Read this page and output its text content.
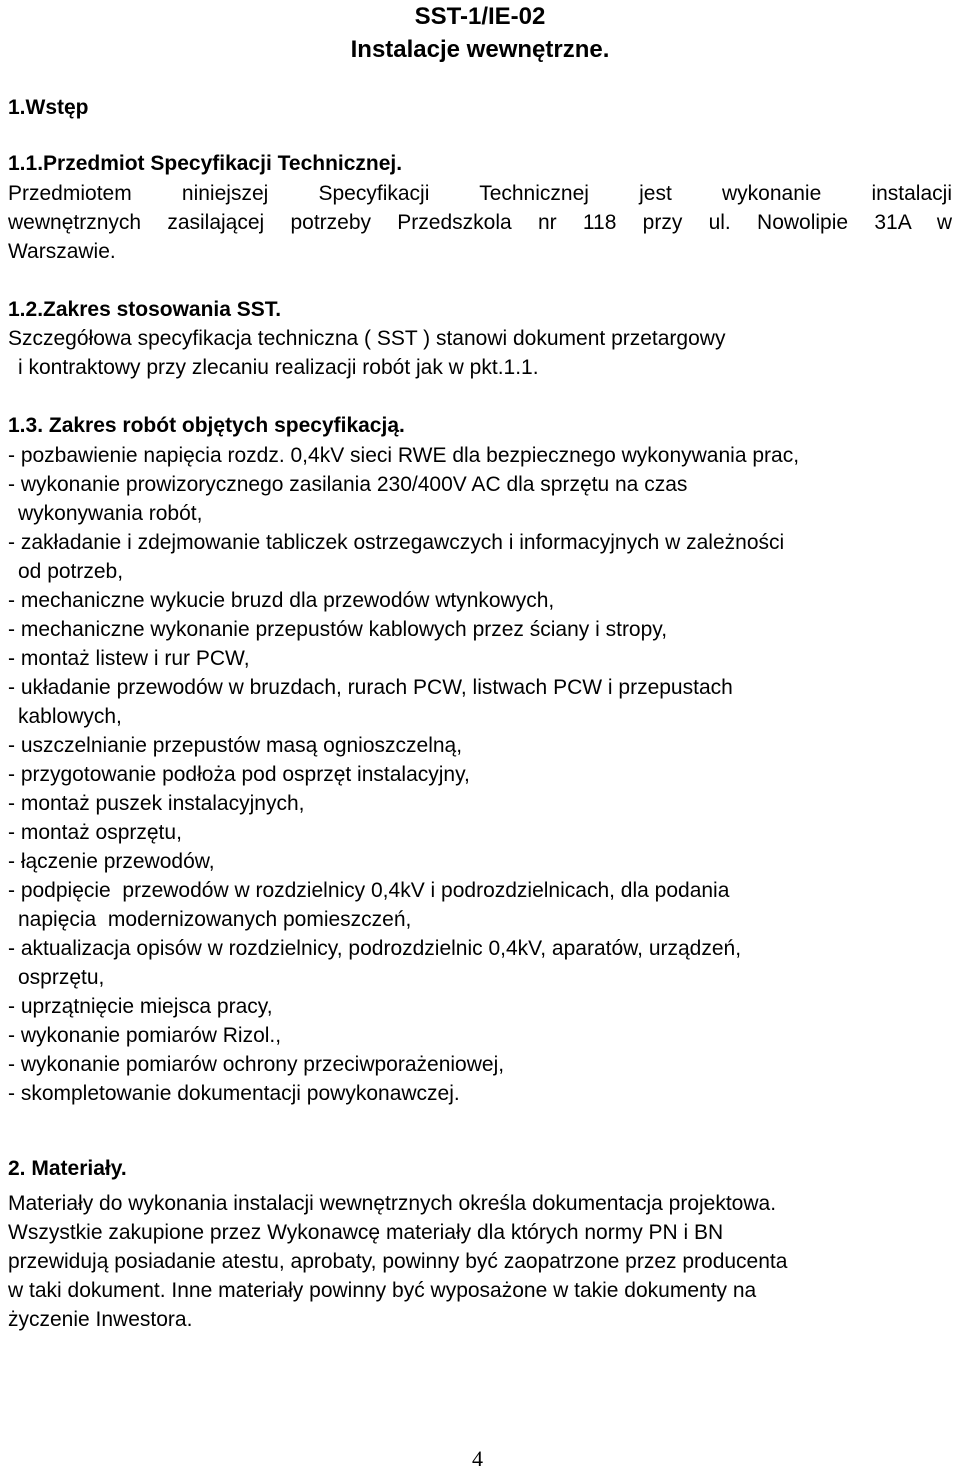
SST-1/IE-02
Instalacje wewnętrzne.
1.Wstęp
1.1.Przedmiot Specyfikacji Technicznej.
Przedmiotem niniejszej Specyfikacji Technicznej jest wykonanie instalacji
wewnętrznych zasilającej potrzeby Przedszkola nr 118 przy ul. Nowolipie 31A w
Warszawie.
1.2.Zakres stosowania SST.
Szczegółowa specyfikacja techniczna ( SST ) stanowi dokument przetargowy
i kontraktowy przy zlecaniu realizacji robót jak w pkt.1.1.
1.3. Zakres robót objętych specyfikacją.
- pozbawienie napięcia rozdz. 0,4kV sieci RWE dla bezpiecznego wykonywania prac,
- wykonanie prowizorycznego zasilania 230/400V AC dla sprzętu na czas
wykonywania robót,
- zakładanie i zdejmowanie tabliczek ostrzegawczych i informacyjnych w zależności
od potrzeb,
- mechaniczne wykucie bruzd dla przewodów wtynkowych,
- mechaniczne wykonanie przepustów kablowych przez ściany i stropy,
- montaż listew i rur PCW,
- układanie przewodów w bruzdach, rurach PCW, listwach PCW i przepustach
kablowych,
- uszczelnianie przepustów masą ognioszczelną,
- przygotowanie podłoża pod osprzęt instalacyjny,
- montaż puszek instalacyjnych,
- montaż osprzętu,
- łączenie przewodów,
- podpięcie  przewodów w rozdzielnicy 0,4kV i podrozdzielnicach, dla podania
napięcia  modernizowanych pomieszczeń,
- aktualizacja opisów w rozdzielnicy, podrozdzielnic 0,4kV, aparatów, urządzeń,
osprzętu,
- uprzątnięcie miejsca pracy,
- wykonanie pomiarów Rizol.,
- wykonanie pomiarów ochrony przeciwporażeniowej,
- skompletowanie dokumentacji powykonawczej.
2. Materiały.
Materiały do wykonania instalacji wewnętrznych określa dokumentacja projektowa.
Wszystkie zakupione przez Wykonawcę materiały dla których normy PN i BN
przewidują posiadanie atestu, aprobaty, powinny być zaopatrzone przez producenta
w taki dokument. Inne materiały powinny być wyposażone w takie dokumenty na
życzenie Inwestora.
4
